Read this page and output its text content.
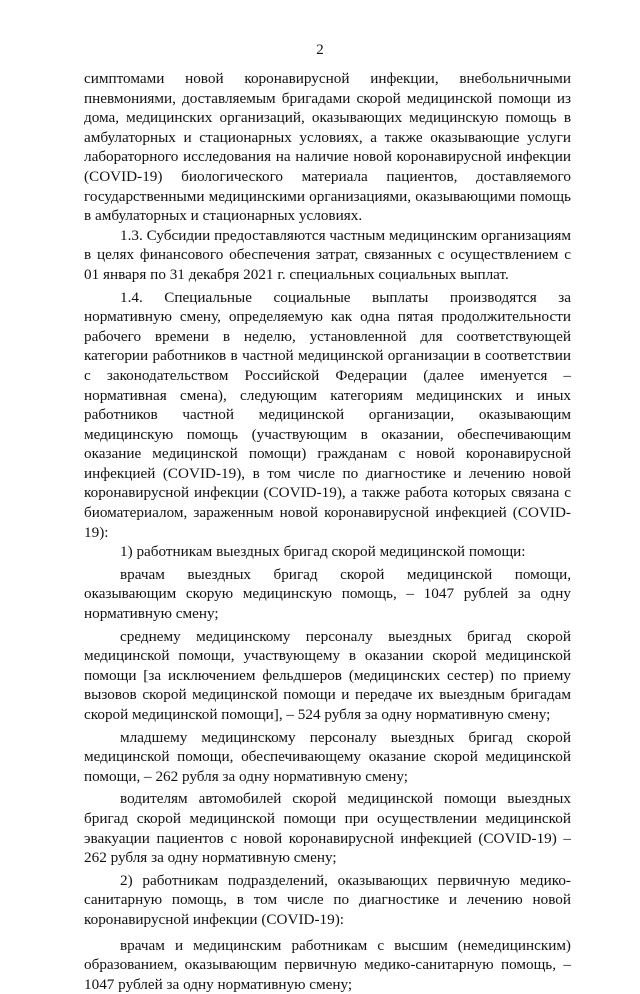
2

симптомами новой коронавирусной инфекции, внебольничными пневмониями, доставляемым бригадами скорой медицинской помощи из дома, медицинских организаций, оказывающих медицинскую помощь в амбулаторных и стационарных условиях, а также оказывающие услуги лабораторного исследования на наличие новой коронавирусной инфекции (COVID-19) биологического материала пациентов, доставляемого государственными медицинскими организациями, оказывающими помощь в амбулаторных и стационарных условиях.

1.3. Субсидии предоставляются частным медицинским организациям в целях финансового обеспечения затрат, связанных с осуществлением с 01 января по 31 декабря 2021 г. специальных социальных выплат.

1.4. Специальные социальные выплаты производятся за нормативную смену, определяемую как одна пятая продолжительности рабочего времени в неделю, установленной для соответствующей категории работников в частной медицинской организации в соответствии с законодательством Российской Федерации (далее именуется – нормативная смена), следующим категориям медицинских и иных работников частной медицинской организации, оказывающим медицинскую помощь (участвующим в оказании, обеспечивающим оказание медицинской помощи) гражданам с новой коронавирусной инфекцией (COVID-19), в том числе по диагностике и лечению новой коронавирусной инфекции (COVID-19), а также работа которых связана с биоматериалом, зараженным новой коронавирусной инфекцией (COVID-19):

1) работникам выездных бригад скорой медицинской помощи:

врачам выездных бригад скорой медицинской помощи, оказывающим скорую медицинскую помощь, – 1047 рублей за одну нормативную смену;

среднему медицинскому персоналу выездных бригад скорой медицинской помощи, участвующему в оказании скорой медицинской помощи [за исключением фельдшеров (медицинских сестер) по приему вызовов скорой медицинской помощи и передаче их выездным бригадам скорой медицинской помощи], – 524 рубля за одну нормативную смену;

младшему медицинскому персоналу выездных бригад скорой медицинской помощи, обеспечивающему оказание скорой медицинской помощи, – 262 рубля за одну нормативную смену;

водителям автомобилей скорой медицинской помощи выездных бригад скорой медицинской помощи при осуществлении медицинской эвакуации пациентов с новой коронавирусной инфекцией (COVID-19) – 262 рубля за одну нормативную смену;

2) работникам подразделений, оказывающих первичную медико-санитарную помощь, в том числе по диагностике и лечению новой коронавирусной инфекции (COVID-19):

врачам и медицинским работникам с высшим (немедицинским) образованием, оказывающим первичную медико-санитарную помощь, – 1047 рублей за одну нормативную смену;
